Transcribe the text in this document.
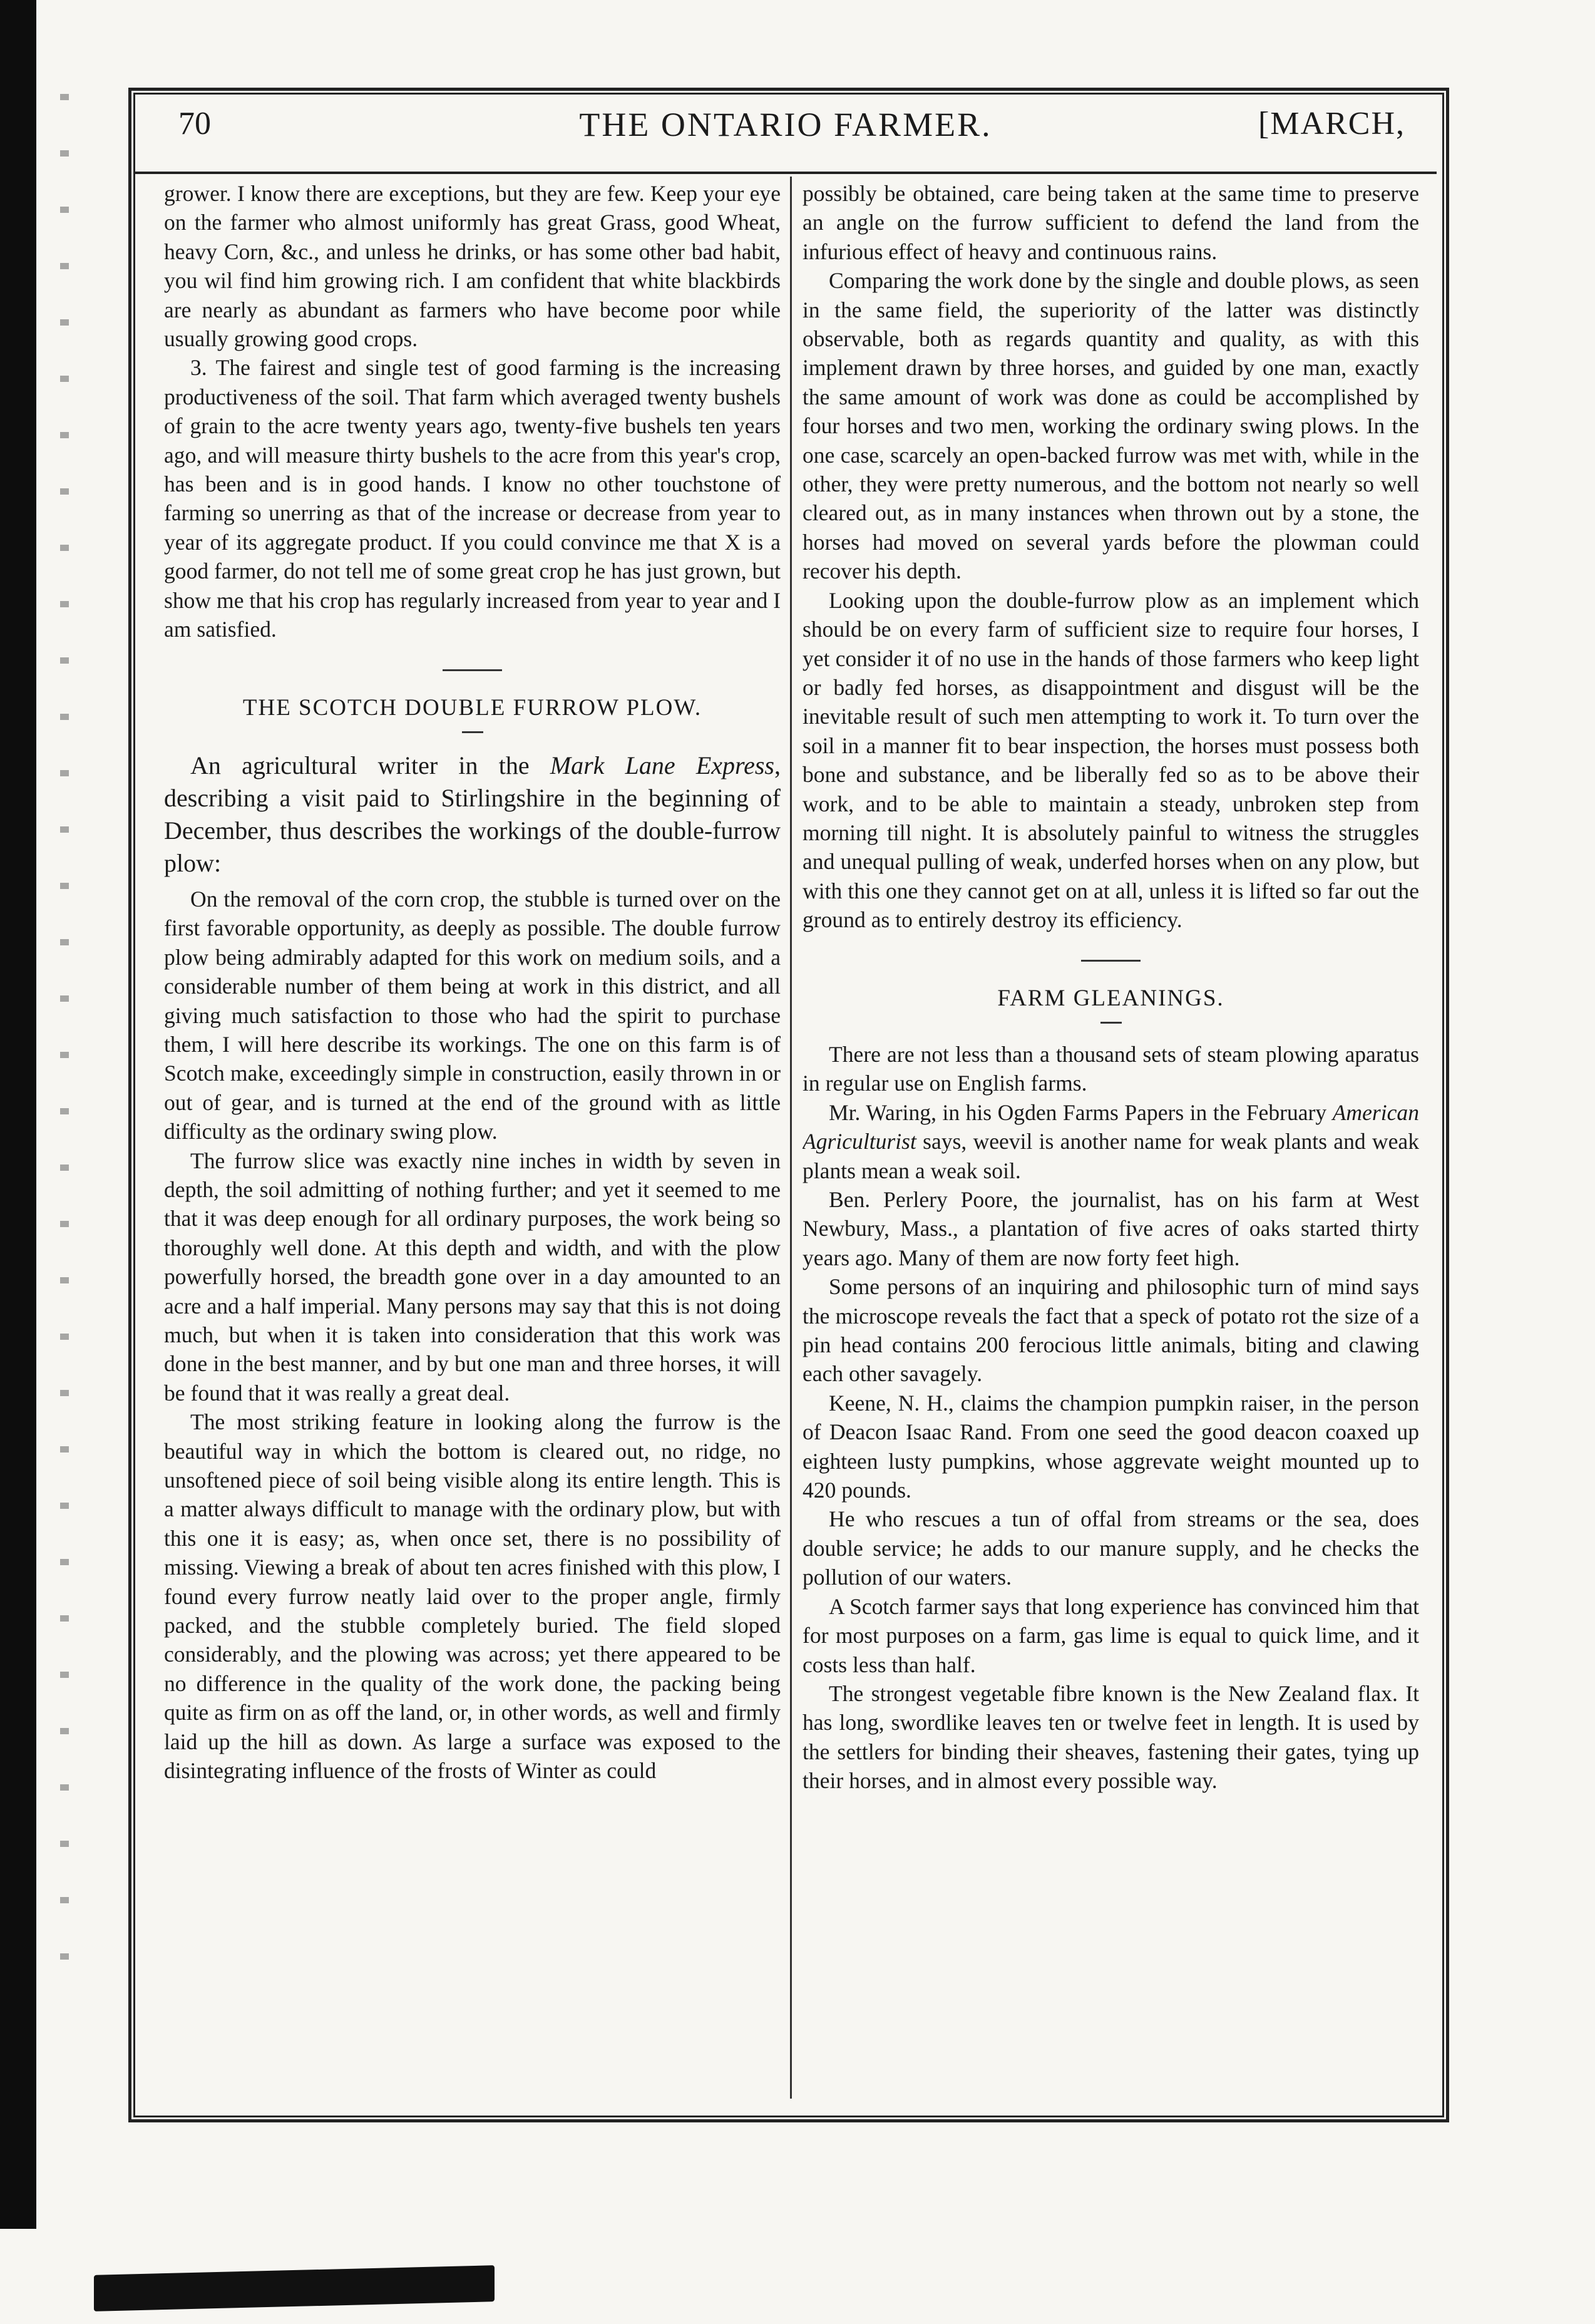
70	THE ONTARIO FARMER.	[MARCH,

grower. I know there are exceptions, but they are few. Keep your eye on the farmer who almost uniformly has great Grass, good Wheat, heavy Corn, &c., and unless he drinks, or has some other bad habit, you wil find him growing rich. I am confident that white blackbirds are nearly as abundant as farmers who have become poor while usually growing good crops.

3. The fairest and single test of good farming is the increasing productiveness of the soil. That farm which averaged twenty bushels of grain to the acre twenty years ago, twenty-five bushels ten years ago, and will measure thirty bushels to the acre from this year's crop, has been and is in good hands. I know no other touchstone of farming so unerring as that of the increase or decrease from year to year of its aggregate product. If you could convince me that X is a good farmer, do not tell me of some great crop he has just grown, but show me that his crop has regularly increased from year to year and I am satisfied.

THE SCOTCH DOUBLE FURROW PLOW.

An agricultural writer in the Mark Lane Express, describing a visit paid to Stirlingshire in the beginning of December, thus describes the workings of the double-furrow plow:

On the removal of the corn crop, the stubble is turned over on the first favorable opportunity, as deeply as possible. The double furrow plow being admirably adapted for this work on medium soils, and a considerable number of them being at work in this district, and all giving much satisfaction to those who had the spirit to purchase them, I will here describe its workings. The one on this farm is of Scotch make, exceedingly simple in construction, easily thrown in or out of gear, and is turned at the end of the ground with as little difficulty as the ordinary swing plow.

The furrow slice was exactly nine inches in width by seven in depth, the soil admitting of nothing further; and yet it seemed to me that it was deep enough for all ordinary purposes, the work being so thoroughly well done. At this depth and width, and with the plow powerfully horsed, the breadth gone over in a day amounted to an acre and a half imperial. Many persons may say that this is not doing much, but when it is taken into consideration that this work was done in the best manner, and by but one man and three horses, it will be found that it was really a great deal.

The most striking feature in looking along the furrow is the beautiful way in which the bottom is cleared out, no ridge, no unsoftened piece of soil being visible along its entire length. This is a matter always difficult to manage with the ordinary plow, but with this one it is easy; as, when once set, there is no possibility of missing. Viewing a break of about ten acres finished with this plow, I found every furrow neatly laid over to the proper angle, firmly packed, and the stubble completely buried. The field sloped considerably, and the plowing was across; yet there appeared to be no difference in the quality of the work done, the packing being quite as firm on as off the land, or, in other words, as well and firmly laid up the hill as down. As large a surface was exposed to the disintegrating influence of the frosts of Winter as could

possibly be obtained, care being taken at the same time to preserve an angle on the furrow sufficient to defend the land from the infurious effect of heavy and continuous rains.

Comparing the work done by the single and double plows, as seen in the same field, the superiority of the latter was distinctly observable, both as regards quantity and quality, as with this implement drawn by three horses, and guided by one man, exactly the same amount of work was done as could be accomplished by four horses and two men, working the ordinary swing plows. In the one case, scarcely an open-backed furrow was met with, while in the other, they were pretty numerous, and the bottom not nearly so well cleared out, as in many instances when thrown out by a stone, the horses had moved on several yards before the plowman could recover his depth.

Looking upon the double-furrow plow as an implement which should be on every farm of sufficient size to require four horses, I yet consider it of no use in the hands of those farmers who keep light or badly fed horses, as disappointment and disgust will be the inevitable result of such men attempting to work it. To turn over the soil in a manner fit to bear inspection, the horses must possess both bone and substance, and be liberally fed so as to be above their work, and to be able to maintain a steady, unbroken step from morning till night. It is absolutely painful to witness the struggles and unequal pulling of weak, underfed horses when on any plow, but with this one they cannot get on at all, unless it is lifted so far out the ground as to entirely destroy its efficiency.

FARM GLEANINGS.

There are not less than a thousand sets of steam plowing aparatus in regular use on English farms.

Mr. Waring, in his Ogden Farms Papers in the February American Agriculturist says, weevil is another name for weak plants and weak plants mean a weak soil.

Ben. Perlery Poore, the journalist, has on his farm at West Newbury, Mass., a plantation of five acres of oaks started thirty years ago. Many of them are now forty feet high.

Some persons of an inquiring and philosophic turn of mind says the microscope reveals the fact that a speck of potato rot the size of a pin head contains 200 ferocious little animals, biting and clawing each other savagely.

Keene, N. H., claims the champion pumpkin raiser, in the person of Deacon Isaac Rand. From one seed the good deacon coaxed up eighteen lusty pumpkins, whose aggrevate weight mounted up to 420 pounds.

He who rescues a tun of offal from streams or the sea, does double service; he adds to our manure supply, and he checks the pollution of our waters.

A Scotch farmer says that long experience has convinced him that for most purposes on a farm, gas lime is equal to quick lime, and it costs less than half.

The strongest vegetable fibre known is the New Zealand flax. It has long, swordlike leaves ten or twelve feet in length. It is used by the settlers for binding their sheaves, fastening their gates, tying up their horses, and in almost every possible way.
